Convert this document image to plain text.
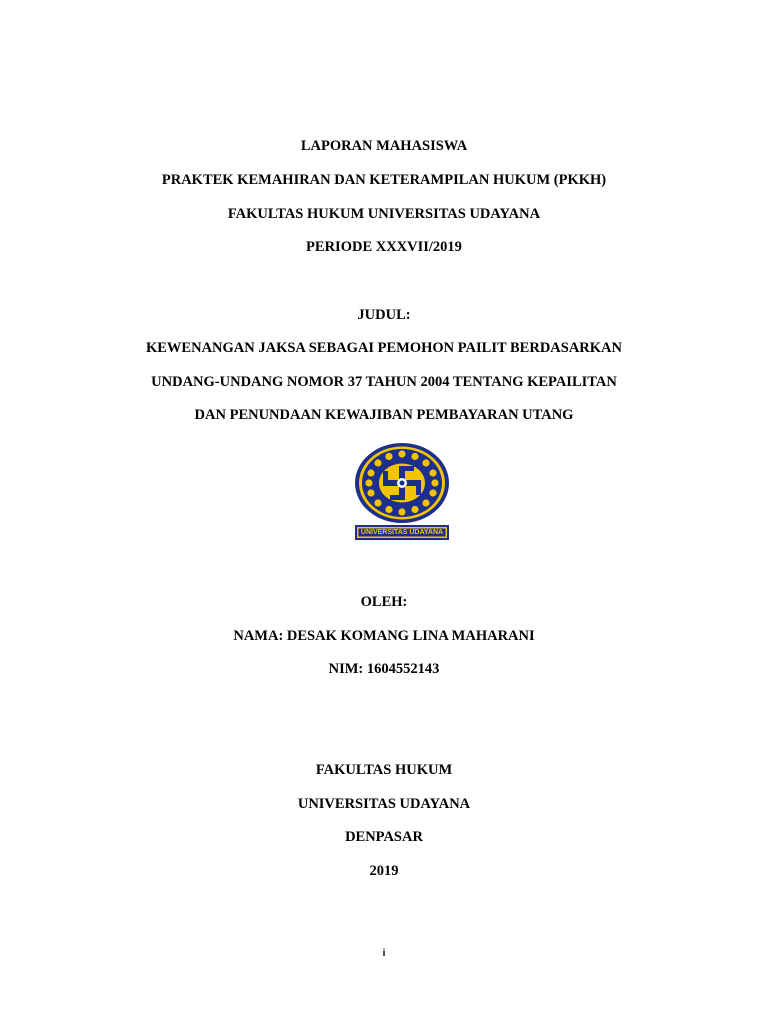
LAPORAN MAHASISWA
PRAKTEK KEMAHIRAN DAN KETERAMPILAN HUKUM (PKKH)
FAKULTAS HUKUM UNIVERSITAS UDAYANA
PERIODE XXXVII/2019
JUDUL:
KEWENANGAN JAKSA SEBAGAI PEMOHON PAILIT BERDASARKAN
UNDANG-UNDANG NOMOR 37 TAHUN 2004 TENTANG KEPAILITAN
DAN PENUNDAAN KEWAJIBAN PEMBAYARAN UTANG
UNIVERSITAS UDAYANA
OLEH:
NAMA: DESAK KOMANG LINA MAHARANI
NIM: 1604552143
FAKULTAS HUKUM
UNIVERSITAS UDAYANA
DENPASAR
2019
i
